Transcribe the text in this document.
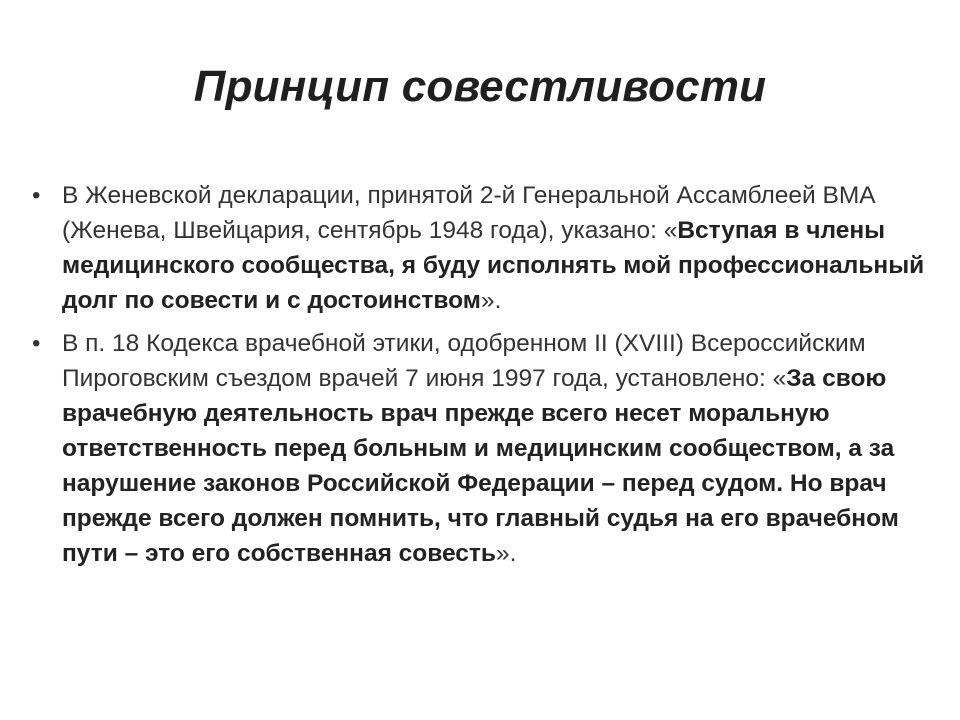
Принцип совестливости
• В Женевской декларации, принятой 2-й Генеральной Ассамблеей ВМА (Женева, Швейцария, сентябрь 1948 года), указано: «Вступая в члены медицинского сообщества, я буду исполнять мой профессиональный долг по совести и с достоинством».
• В п. 18 Кодекса врачебной этики, одобренном II (XVIII) Всероссийским Пироговским съездом врачей 7 июня 1997 года, установлено: «За свою врачебную деятельность врач прежде всего несет моральную ответственность перед больным и медицинским сообществом, а за нарушение законов Российской Федерации – перед судом. Но врач прежде всего должен помнить, что главный судья на его врачебном пути – это его собственная совесть».
